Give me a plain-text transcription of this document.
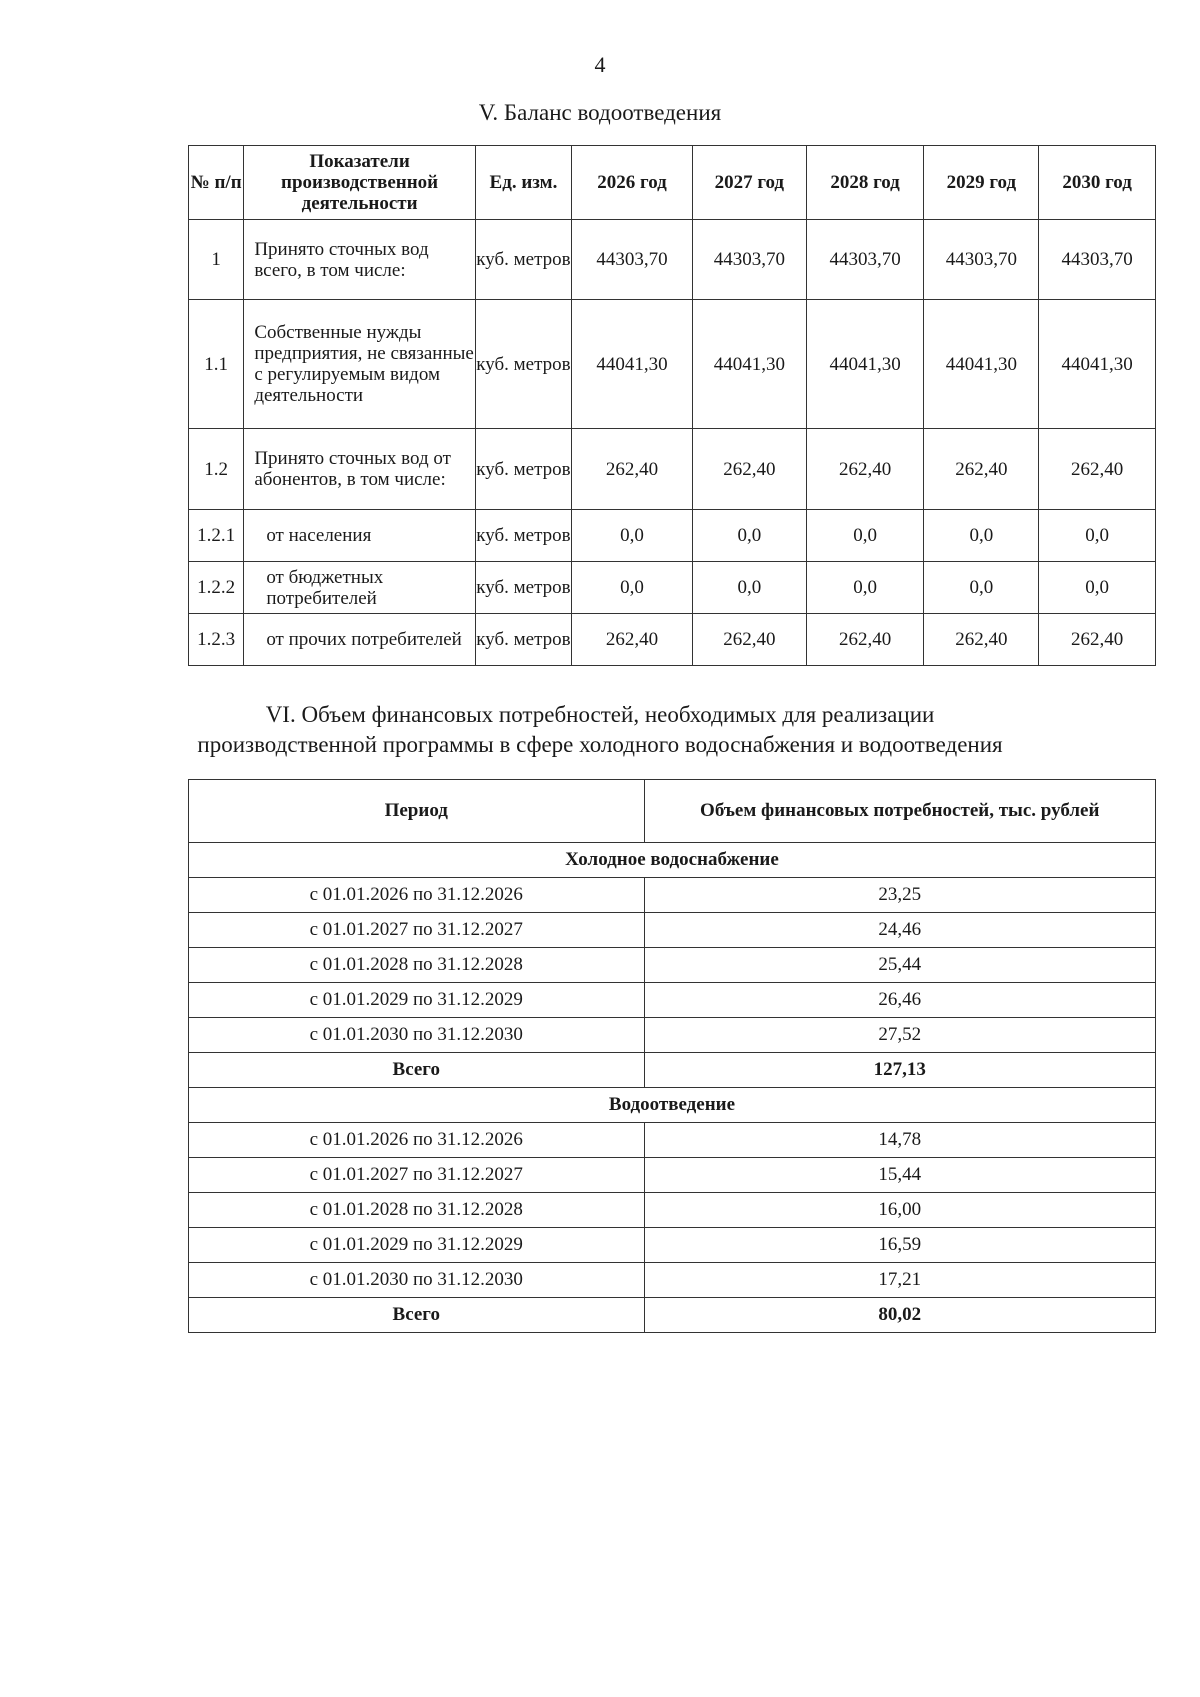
4
V. Баланс водоотведения
№ п/п	Показатели производственной деятельности	Ед. изм.	2026 год	2027 год	2028 год	2029 год	2030 год
1	Принято сточных вод всего, в том числе:	куб. метров	44303,70	44303,70	44303,70	44303,70	44303,70
1.1	Собственные нужды предприятия, не связанные с регулируемым видом деятельности	куб. метров	44041,30	44041,30	44041,30	44041,30	44041,30
1.2	Принято сточных вод от абонентов, в том числе:	куб. метров	262,40	262,40	262,40	262,40	262,40
1.2.1	от населения	куб. метров	0,0	0,0	0,0	0,0	0,0
1.2.2	от бюджетных потребителей	куб. метров	0,0	0,0	0,0	0,0	0,0
1.2.3	от прочих потребителей	куб. метров	262,40	262,40	262,40	262,40	262,40
VI. Объем финансовых потребностей, необходимых для реализации
производственной программы в сфере холодного водоснабжения и водоотведения
Период	Объем финансовых потребностей, тыс. рублей
Холодное водоснабжение	
с 01.01.2026 по 31.12.2026	23,25
с 01.01.2027 по 31.12.2027	24,46
с 01.01.2028 по 31.12.2028	25,44
с 01.01.2029 по 31.12.2029	26,46
с 01.01.2030 по 31.12.2030	27,52
Всего	127,13
Водоотведение	
с 01.01.2026 по 31.12.2026	14,78
с 01.01.2027 по 31.12.2027	15,44
с 01.01.2028 по 31.12.2028	16,00
с 01.01.2029 по 31.12.2029	16,59
с 01.01.2030 по 31.12.2030	17,21
Всего	80,02
